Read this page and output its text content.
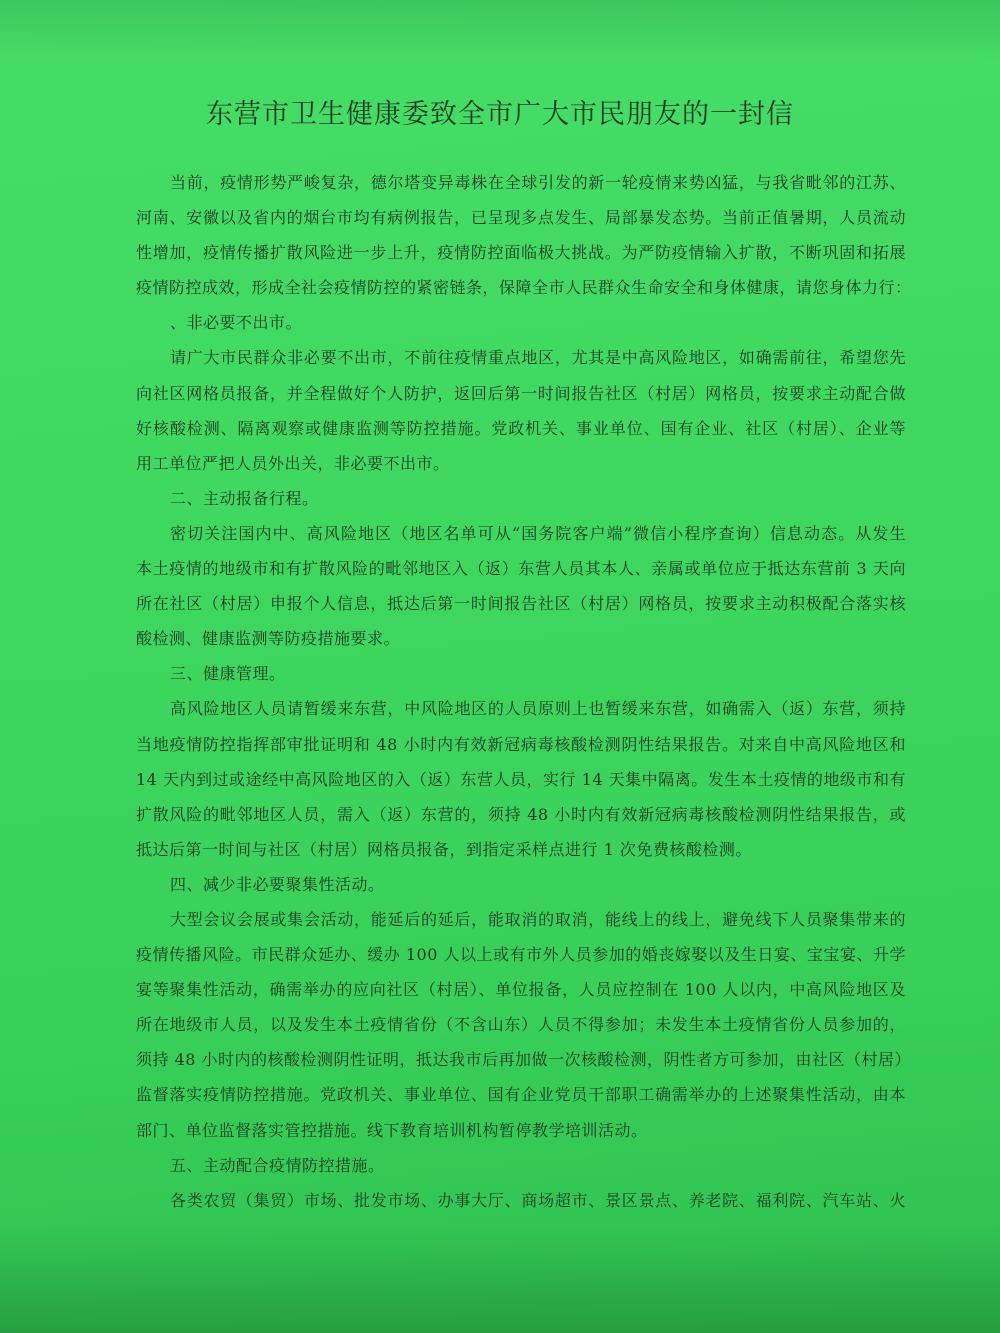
东营市卫生健康委致全市广大市民朋友的一封信
当前，疫情形势严峻复杂，德尔塔变异毒株在全球引发的新一轮疫情来势凶猛，与我省毗邻的江苏、
河南、安徽以及省内的烟台市均有病例报告，已呈现多点发生、局部暴发态势。当前正值暑期，人员流动
性增加，疫情传播扩散风险进一步上升，疫情防控面临极大挑战。为严防疫情输入扩散，不断巩固和拓展
疫情防控成效，形成全社会疫情防控的紧密链条，保障全市人民群众生命安全和身体健康，请您身体力行：
、非必要不出市。
请广大市民群众非必要不出市，不前往疫情重点地区，尤其是中高风险地区，如确需前往，希望您先
向社区网格员报备，并全程做好个人防护，返回后第一时间报告社区（村居）网格员，按要求主动配合做
好核酸检测、隔离观察或健康监测等防控措施。党政机关、事业单位、国有企业、社区（村居）、企业等
用工单位严把人员外出关，非必要不出市。
二、主动报备行程。
密切关注国内中、高风险地区（地区名单可从“国务院客户端”微信小程序查询）信息动态。从发生
本土疫情的地级市和有扩散风险的毗邻地区入（返）东营人员其本人、亲属或单位应于抵达东营前 3 天向
所在社区（村居）申报个人信息，抵达后第一时间报告社区（村居）网格员，按要求主动积极配合落实核
酸检测、健康监测等防疫措施要求。
三、健康管理。
高风险地区人员请暂缓来东营，中风险地区的人员原则上也暂缓来东营，如确需入（返）东营，须持
当地疫情防控指挥部审批证明和 48 小时内有效新冠病毒核酸检测阴性结果报告。对来自中高风险地区和
14 天内到过或途经中高风险地区的入（返）东营人员，实行 14 天集中隔离。发生本土疫情的地级市和有
扩散风险的毗邻地区人员，需入（返）东营的，须持 48 小时内有效新冠病毒核酸检测阴性结果报告，或
抵达后第一时间与社区（村居）网格员报备，到指定采样点进行 1 次免费核酸检测。
四、减少非必要聚集性活动。
大型会议会展或集会活动，能延后的延后，能取消的取消，能线上的线上，避免线下人员聚集带来的
疫情传播风险。市民群众延办、缓办 100 人以上或有市外人员参加的婚丧嫁娶以及生日宴、宝宝宴、升学
宴等聚集性活动，确需举办的应向社区（村居）、单位报备，人员应控制在 100 人以内，中高风险地区及
所在地级市人员，以及发生本土疫情省份（不含山东）人员不得参加；未发生本土疫情省份人员参加的，
须持 48 小时内的核酸检测阴性证明，抵达我市后再加做一次核酸检测，阴性者方可参加，由社区（村居）
监督落实疫情防控措施。党政机关、事业单位、国有企业党员干部职工确需举办的上述聚集性活动，由本
部门、单位监督落实管控措施。线下教育培训机构暂停教学培训活动。
五、主动配合疫情防控措施。
各类农贸（集贸）市场、批发市场、办事大厅、商场超市、景区景点、养老院、福利院、汽车站、火
